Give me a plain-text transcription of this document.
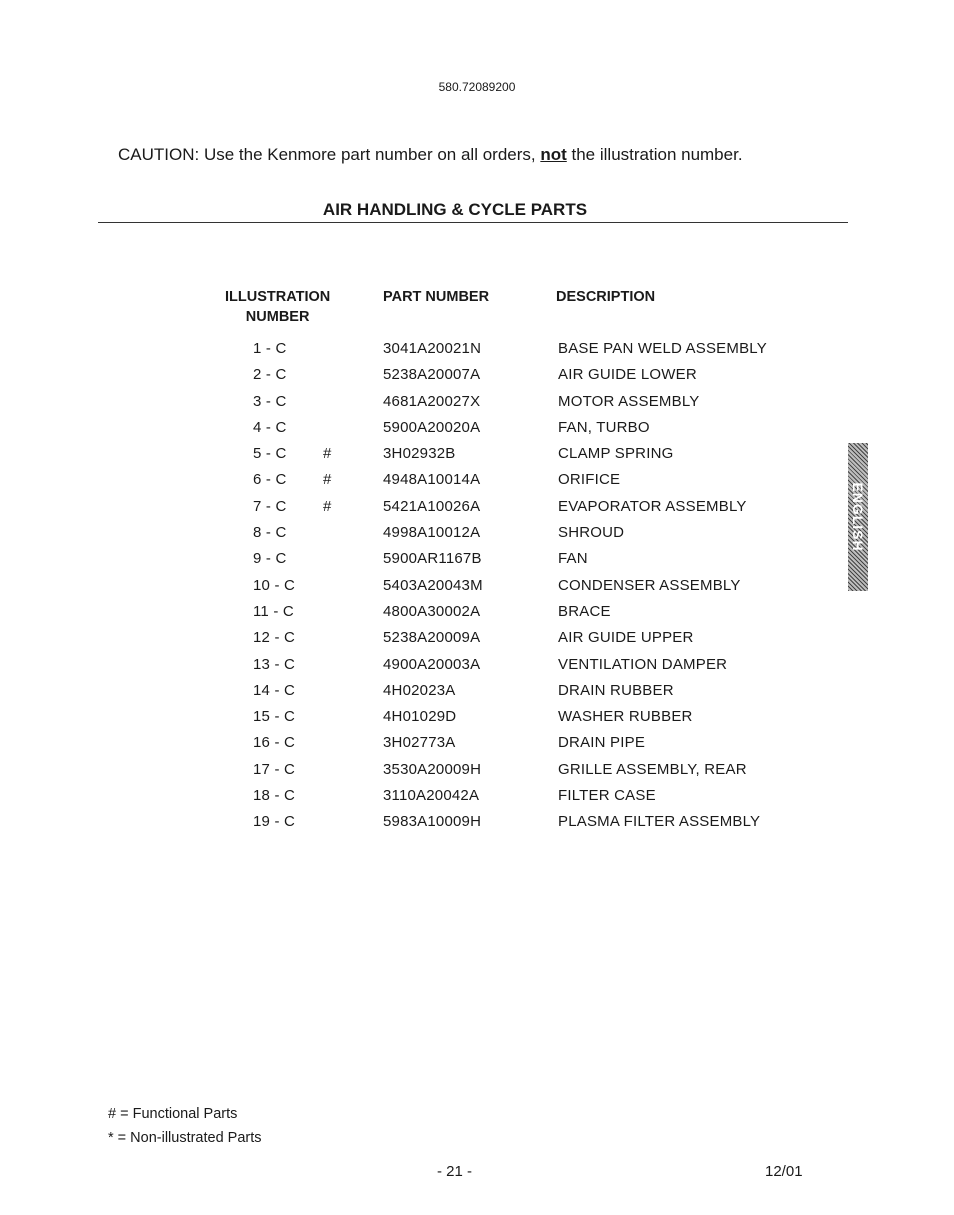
580.72089200
CAUTION: Use the Kenmore part number on all orders, not the illustration number.
AIR HANDLING & CYCLE PARTS
ILLUSTRATION
NUMBER
PART NUMBER	DESCRIPTION
1 - C	3041A20021N	BASE PAN WELD ASSEMBLY
2 - C	5238A20007A	AIR GUIDE LOWER
3 - C	4681A20027X	MOTOR ASSEMBLY
4 - C	5900A20020A	FAN, TURBO
5 - C #	3H02932B	CLAMP SPRING
6 - C #	4948A10014A	ORIFICE
7 - C #	5421A10026A	EVAPORATOR ASSEMBLY
8 - C	4998A10012A	SHROUD
9 - C	5900AR1167B	FAN
10 - C	5403A20043M	CONDENSER ASSEMBLY
11 - C	4800A30002A	BRACE
12 - C	5238A20009A	AIR GUIDE UPPER
13 - C	4900A20003A	VENTILATION DAMPER
14 - C	4H02023A	DRAIN RUBBER
15 - C	4H01029D	WASHER RUBBER
16 - C	3H02773A	DRAIN PIPE
17 - C	3530A20009H	GRILLE ASSEMBLY, REAR
18 - C	3110A20042A	FILTER CASE
19 - C	5983A10009H	PLASMA FILTER ASSEMBLY
ENGLISH
# = Functional Parts
* = Non-illustrated Parts
- 21 -	12/01
